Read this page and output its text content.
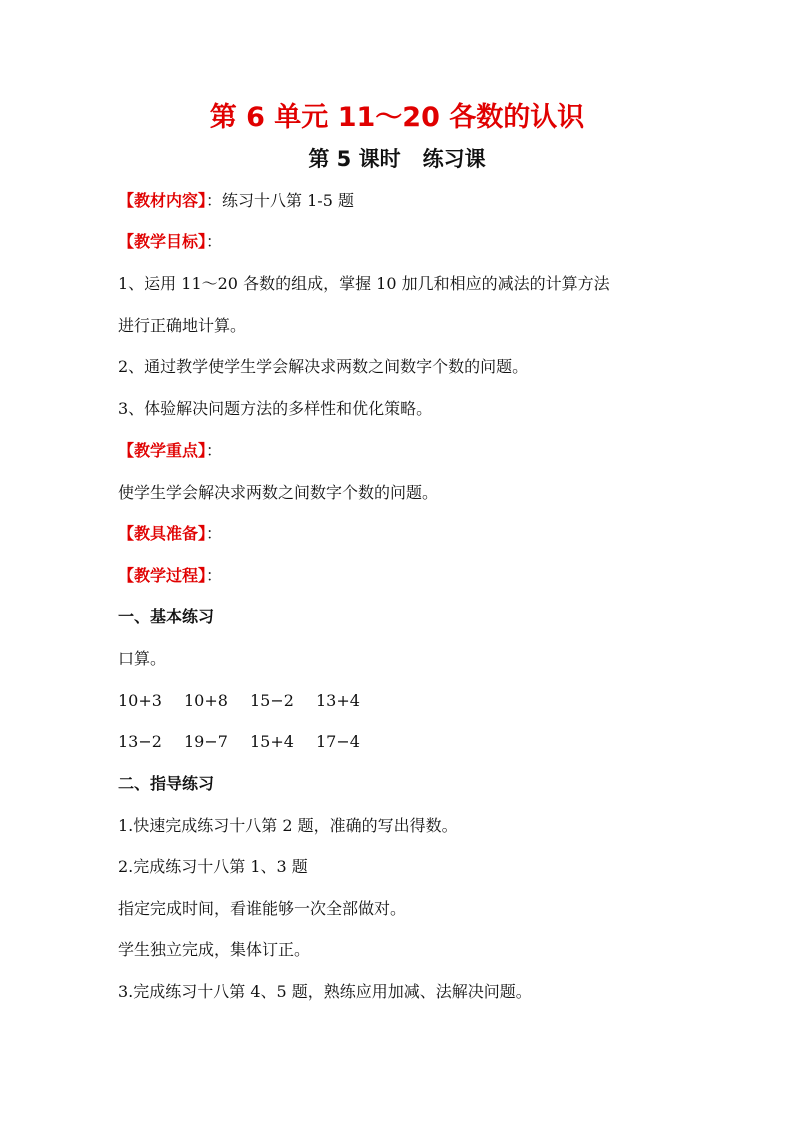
第 6 单元 11～20 各数的认识
第 5 课时 练习课
【教材内容】：练习十八第 1-5 题
【教学目标】：
1、运用 11～20 各数的组成，掌握 10 加几和相应的减法的计算方法
进行正确地计算。
2、通过教学使学生学会解决求两数之间数字个数的问题。
3、体验解决问题方法的多样性和优化策略。
【教学重点】：
使学生学会解决求两数之间数字个数的问题。
【教具准备】：
【教学过程】：
一、基本练习
口算。
10+3 10+8 15−2 13+4
13−2 19−7 15+4 17−4
二、指导练习
1.快速完成练习十八第 2 题，准确的写出得数。
2.完成练习十八第 1、3 题
指定完成时间，看谁能够一次全部做对。
学生独立完成，集体订正。
3.完成练习十八第 4、5 题，熟练应用加减、法解决问题。
